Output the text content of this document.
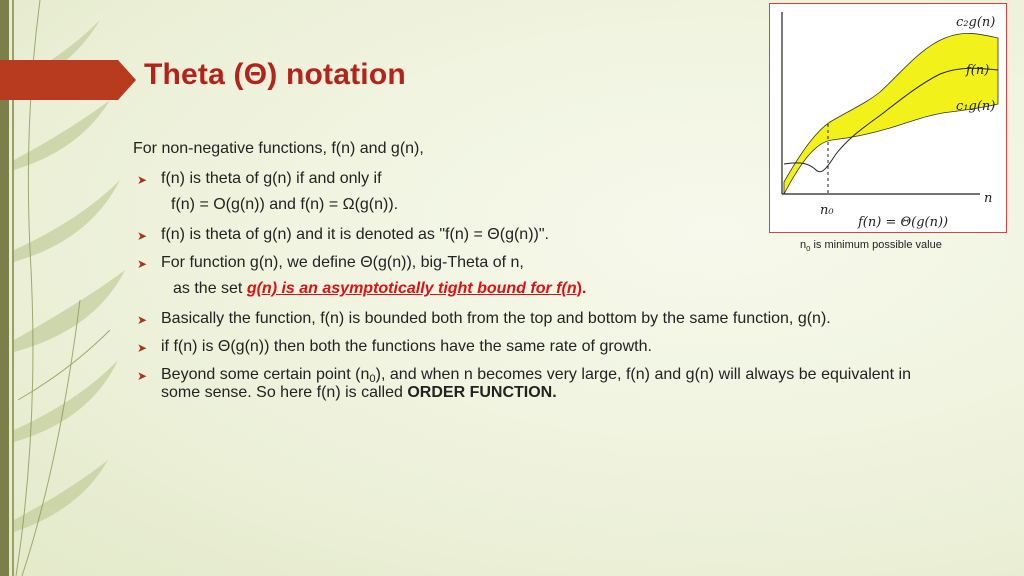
Theta (Θ) notation
For non-negative functions, f(n) and g(n),
➤ f(n) is theta of g(n) if and only if
f(n) = O(g(n)) and f(n) = Ω(g(n)).
➤ f(n) is theta of g(n) and it is denoted as "f(n) = Θ(g(n))".
➤ For function g(n), we define Θ(g(n)), big-Theta of n,
as the set g(n) is an asymptotically tight bound for f(n).
➤ Basically the function, f(n) is bounded both from the top and bottom by the same function, g(n).
➤ if f(n) is Θ(g(n)) then both the functions have the same rate of growth.
➤ Beyond some certain point $(n_0)$, and when n becomes very large, f(n) and g(n) will always be equivalent in some sense. So here f(n) is called ORDER FUNCTION.
c₂g(n)
f(n)
c₁g(n)
n
n₀
f(n) = Θ(g(n))
$n_0$ is minimum possible value
